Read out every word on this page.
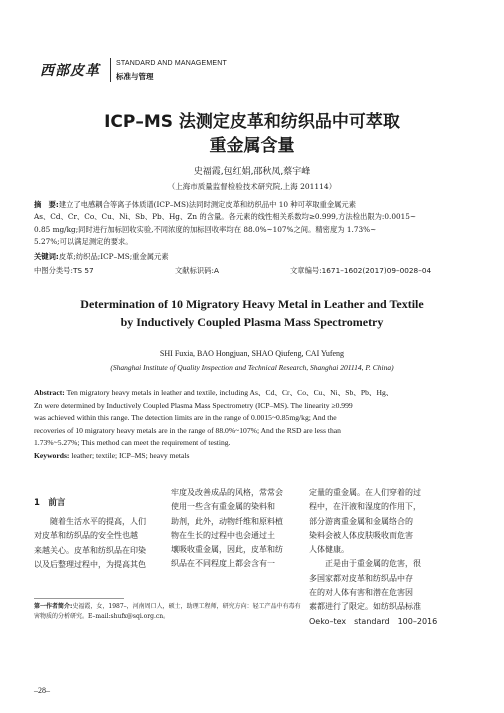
西部皮革 STANDARD AND MANAGEMENT
标准与管理
ICP–MS 法测定皮革和纺织品中可萃取
重金属含量
史福霞,包红娟,邵秋凤,蔡宇峰
（上海市质量监督检验技术研究院,上海 201114）
摘　要:建立了电感耦合等离子体质谱(ICP–MS)法同时测定皮革和纺织品中 10 种可萃取重金属元素
As、Cd、Cr、Co、Cu、Ni、Sb、Pb、Hg、Zn 的含量。各元素的线性相关系数均≥0.999,方法检出限为:0.0015~
0.85 mg/kg;同时进行加标回收实验,不同浓度的加标回收率均在 88.0%~107%之间。精密度为 1.73%~
5.27%;可以满足测定的要求。
关键词:皮革;纺织品;ICP–MS;重金属元素
中图分类号:TS 57	文献标识码:A	文章编号:1671–1602(2017)09–0028–04
Determination of 10 Migratory Heavy Metal in Leather and Textile
by Inductively Coupled Plasma Mass Spectrometry
SHI Fuxia, BAO Hongjuan, SHAO Qiufeng, CAI Yufeng
(Shanghai Institute of Quality Inspection and Technical Research, Shanghai 201114, P. China)
Abstract: Ten migratory heavy metals in leather and textile, including As、Cd、Cr、Co、Cu、Ni、Sb、Pb、Hg、
Zn were determined by Inductively Coupled Plasma Mass Spectrometry (ICP–MS). The linearity ≥0.999
was achieved within this range. The detection limits are in the range of 0.0015~0.85mg/kg; And the
recoveries of 10 migratory heavy metals are in the range of 88.0%~107%; And the RSD are less than
1.73%~5.27%; This method can meet the requirement of testing.
Keywords: leather; textile; ICP–MS; heavy metals
1　前言

随着生活水平的提高，人们

对皮革和纺织品的安全性也越

来越关心。皮革和纺织品在印染

以及后整理过程中，为提高其色

牢度及改善成品的风格，常常会

使用一些含有重金属的染料和

助剂，此外，动物纤维和原料植

物在生长的过程中也会通过土

壤吸收重金属，因此，皮革和纺

织品在不同程度上都会含有一

定量的重金属。在人们穿着的过

程中，在汗液和湿度的作用下，

部分游离重金属和金属络合的

染料会被人体皮肤吸收而危害

人体健康。

正是由于重金属的危害，很

多国家都对皮革和纺织品中存

在的对人体有害和潜在危害因

素都进行了限定。如纺织品标准

Oeko–tex　standard　100–2016

第一作者简介:史福霞，女，1987–，河南周口人，硕士，助理工程师，研究方向：轻工产品中有毒有
害物质的分析研究。E–mail:shufx@sqi.org.cn。
–28–
